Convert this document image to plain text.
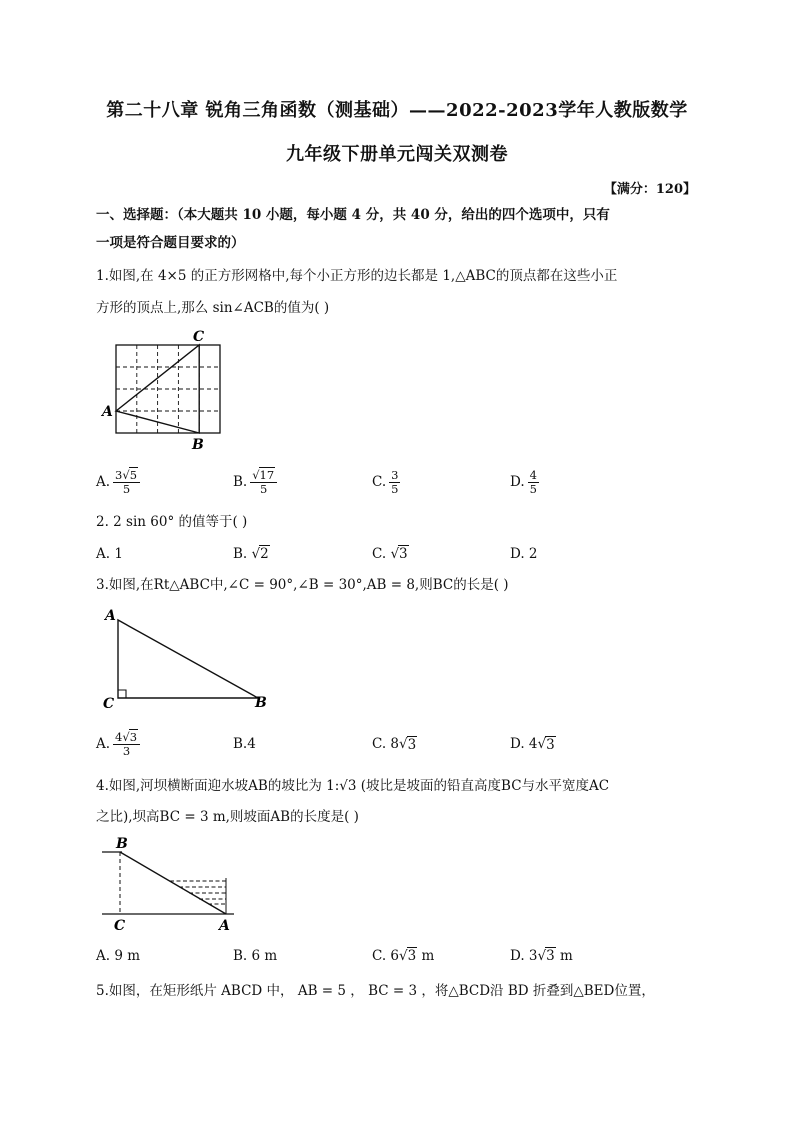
第二十八章 锐角三角函数（测基础）——2022-2023学年人教版数学
九年级下册单元闯关双测卷
【满分：120】
一、选择题：（本大题共 10 小题，每小题 4 分，共 40 分，给出的四个选项中，只有
一项是符合题目要求的）
1.如图,在 4×5 的正方形网格中,每个小正方形的边长都是 1,△ABC的顶点都在这些小正
方形的顶点上,那么 sin∠ACB的值为( )
C
A
B
A. $\frac{3√5}{5}$	B. $\frac{√17}{5}$	C. $\frac{3}{5}$	D. $\frac{4}{5}$
2. 2 sin 60° 的值等于( )
A. 1	B. √2	C. √3	D. 2
3.如图,在Rt△ABC中,∠C = 90°,∠B = 30°,AB = 8,则BC的长是( )
A
C	B
A. $\frac{4√3}{3}$	B.4	C. 8 √ 3	D. 4 √ 3
4.如图,河坝横断面迎水坡AB的坡比为 1:√3 (坡比是坡面的铅直高度BC与水平宽度AC
之比),坝高BC = 3 m,则坡面AB的长度是( )
B
C	A
A. 9 m	B. 6 m	C. 6√3 m	D. 3√3 m
5.如图，在矩形纸片 ABCD 中， AB = 5 ， BC = 3 ，将△BCD沿 BD 折叠到△BED位置，
